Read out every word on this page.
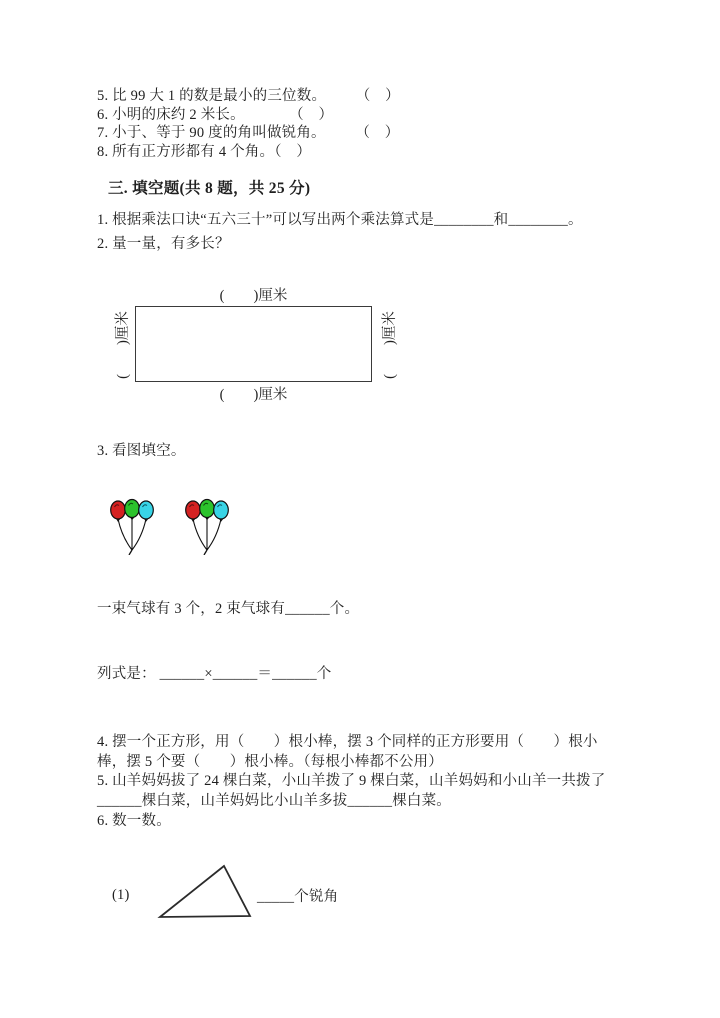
5. 比 99 大 1 的数是最小的三位数。　　　（　）
6. 小明的床约 2 米长。　　　　（　）
7. 小于、等于 90 度的角叫做锐角。　　　（　）
8. 所有正方形都有 4 个角。（　）
三. 填空题(共 8 题，共 25 分)
1. 根据乘法口诀“五六三十”可以写出两个乘法算式是________和________。
2. 量一量，有多长？
(　　)厘米
(　　)厘米	(　　)厘米
(　　)厘米
3. 看图填空。
一束气球有 3 个，2 束气球有______个。
列式是： ______×______＝______个
4. 摆一个正方形，用（　　）根小棒，摆 3 个同样的正方形要用（　　）根小
棒，摆 5 个要（　　）根小棒。（每根小棒都不公用）
5. 山羊妈妈拔了 24 棵白菜，小山羊拨了 9 棵白菜，山羊妈妈和小山羊一共拨了
______棵白菜，山羊妈妈比小山羊多拔______棵白菜。
6. 数一数。
(1)	_____个锐角
